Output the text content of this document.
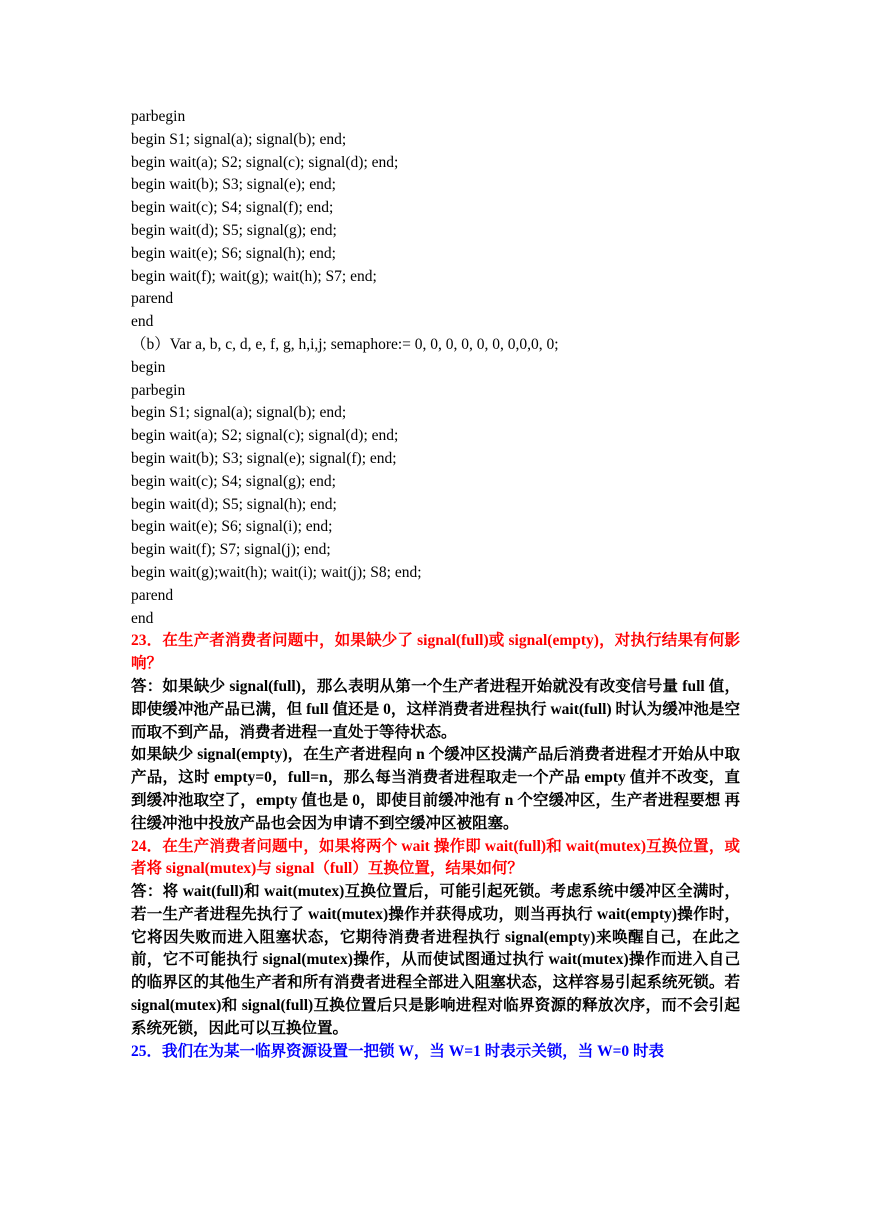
parbegin
begin S1; signal(a); signal(b); end;
begin wait(a); S2; signal(c); signal(d); end;
begin wait(b); S3; signal(e); end;
begin wait(c); S4; signal(f); end;
begin wait(d); S5; signal(g); end;
begin wait(e); S6; signal(h); end;
begin wait(f); wait(g); wait(h); S7; end;
parend
end
（b）Var a, b, c, d, e, f, g, h,i,j; semaphore:= 0, 0, 0, 0, 0, 0, 0,0,0, 0;
begin
parbegin
begin S1; signal(a); signal(b); end;
begin wait(a); S2; signal(c); signal(d); end;
begin wait(b); S3; signal(e); signal(f); end;
begin wait(c); S4; signal(g); end;
begin wait(d); S5; signal(h); end;
begin wait(e); S6; signal(i); end;
begin wait(f); S7; signal(j); end;
begin wait(g);wait(h); wait(i); wait(j); S8; end;
parend
end
23．在生产者消费者问题中，如果缺少了 signal(full)或 signal(empty)，对执行结果有何影响？
答：如果缺少 signal(full)，那么表明从第一个生产者进程开始就没有改变信号量 full 值，即使缓冲池产品已满，但 full 值还是 0，这样消费者进程执行 wait(full) 时认为缓冲池是空而取不到产品，消费者进程一直处于等待状态。
如果缺少 signal(empty)，在生产者进程向 n 个缓冲区投满产品后消费者进程才开始从中取产品，这时 empty=0，full=n，那么每当消费者进程取走一个产品 empty 值并不改变，直到缓冲池取空了，empty 值也是 0，即使目前缓冲池有 n 个空缓冲区，生产者进程要想 再往缓冲池中投放产品也会因为申请不到空缓冲区被阻塞。
24．在生产消费者问题中，如果将两个 wait 操作即 wait(full)和 wait(mutex)互换位置，或者将 signal(mutex)与 signal（full）互换位置，结果如何？
答：将 wait(full)和 wait(mutex)互换位置后，可能引起死锁。考虑系统中缓冲区全满时，若一生产者进程先执行了 wait(mutex)操作并获得成功，则当再执行 wait(empty)操作时，它将因失败而进入阻塞状态，它期待消费者进程执行 signal(empty)来唤醒自己，在此之前，它不可能执行 signal(mutex)操作，从而使试图通过执行 wait(mutex)操作而进入自己的临界区的其他生产者和所有消费者进程全部进入阻塞状态，这样容易引起系统死锁。若 signal(mutex)和 signal(full)互换位置后只是影响进程对临界资源的释放次序，而不会引起系统死锁，因此可以互换位置。
25．我们在为某一临界资源设置一把锁 W，当 W=1 时表示关锁，当 W=0 时表
